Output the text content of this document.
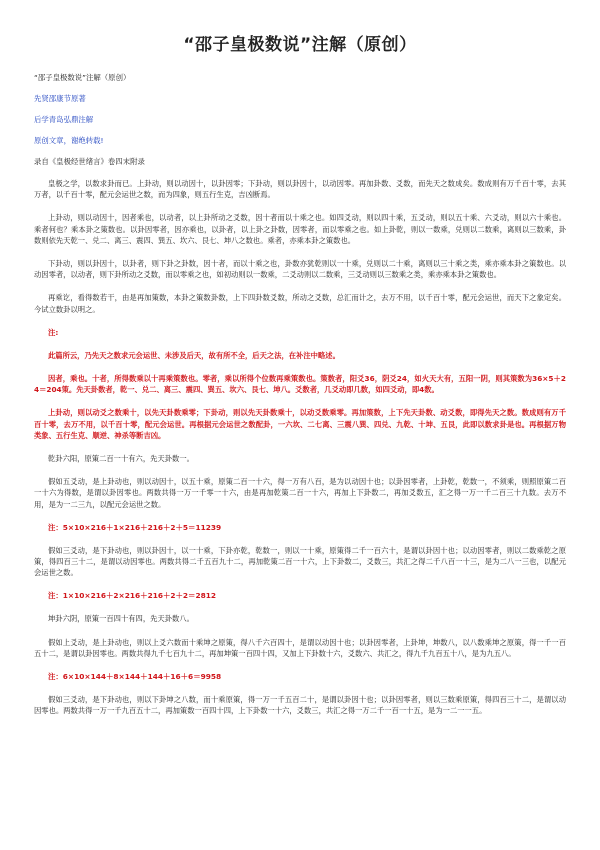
“邵子皇极数说”注解（原创）

“邵子皇极数说”注解（原创）

先贤邵康节原著

后学青岛弘鼎注解

原创文章，谢绝转载!

录自《皇极经世绪言》卷四末附录

皇极之学，以数求卦而已。上卦动，则以动因十，以卦因零；下卦动，则以卦因十，以动因零。再加卦数、爻数，而先天之数成矣。数成则有万千百十零，去其万者，以千百十零，配元会运世之数，而为四象，则五行生克，吉凶断焉。

上卦动，则以动因十，因者乘也，以动者，以上卦所动之爻数，因十者而以十乘之也。如四爻动，则以四十乘，五爻动，则以五十乘、六爻动，则以六十乘也。乘者何也？乘本卦之策数也。以卦因零者，因亦乘也，以卦者，以上卦之卦数，因零者，而以零乘之也。如上卦乾，则以一数乘，兑则以二数乘，离则以三数乘，卦数则依先天乾一、兑二、离三、震四、巽五、坎六、艮七、坤八之数也。乘者，亦乘本卦之策数也。

下卦动，则以卦因十，以卦者，则下卦之卦数，因十者，而以十乘之也，卦数亦犹乾则以一十乘，兑则以二十乘，离则以三十乘之类，乘亦乘本卦之策数也。以动因零者，以动者，则下卦所动之爻数，而以零乘之也，如初动则以一数乘，二爻动则以二数乘，三爻动则以三数乘之类，乘亦乘本卦之策数也。

再乘讫，看得数若干，由是再加策数，本卦之策数卦数，上下四卦数爻数，所动之爻数，总汇而计之，去万不用，以千百十零，配元会运世，而天下之象定矣。今试立数卦以明之。

注:

此篇所云，乃先天之数求元会运世、未涉及后天，故有所不全，后天之法，在补注中略述。

因者，乘也。十者，所得数乘以十再乘策数也。零者，乘以所得个位数再乘策数也。策数者，阳爻36，阴爻24，如火天大有，五阳一阴，则其策数为36×5＋24＝204策。先天卦数者，乾一、兑二、离三、震四、巽五、坎六、艮七、坤八。爻数者，几爻动即几数，如四爻动，即4数。

上卦动，则以动爻之数乘十，以先天卦数乘零；下卦动，则以先天卦数乘十，以动爻数乘零。再加策数，上下先天卦数、动爻数，即得先天之数。数成则有万千百十零，去万不用，以千百十零，配元会运世。再根据元会运世之数配卦，一六坎、二七离、三震八巽、四兑、九乾、十坤、五艮，此即以数求卦是也。再根据万物类象、五行生克、顺逆、神杀等断吉凶。

乾卦六阳，原策二百一十有六，先天卦数一。

假如五爻动，是上卦动也，则以动因十，以五十乘，原策二百一十六，得一万有八百，是为以动因十也；以卦因零者，上卦乾，乾数一，不须乘，则照原策二百一十六为得数，是谓以卦因零也。两数共得一万一千零一十六，由是再加乾策二百一十六，再加上下卦数二，再加爻数五，汇之得一万一千二百三十九数。去万不用，是为一二三九，以配元会运世之数。

注：5×10×216＋1×216＋216＋2＋5＝11239

假如三爻动，是下卦动也，则以卦因十，以一十乘，下卦亦乾，乾数一，则以一十乘，原策得二千一百六十，是谓以卦因十也；以动因零者，则以二数乘乾之原策，得四百三十二，是谓以动因零也。两数共得二千五百九十二，再加乾策二百一十六，上下卦数二，爻数三，共汇之得二千八百一十三，是为二八一三也，以配元会运世之数。

注：1×10×216＋2×216＋216＋2＋2＝2812

坤卦六阴，原策一百四十有四，先天卦数八。

假如上爻动，是上卦动也，则以上爻六数而十乘坤之原策，得八千六百四十，是谓以动因十也；以卦因零者，上卦坤，坤数八，以八数乘坤之原策，得一千一百五十二，是谓以卦因零也。两数共得九千七百九十二，再加坤策一百四十四，又加上下卦数十六，爻数六、共汇之，得九千九百五十八，是为九五八。

注：6×10×144＋8×144＋144＋16＋6＝9958

假如三爻动，是下卦动也，则以下卦坤之八数，而十乘原策，得一万一千五百二十，是谓以卦因十也；以卦因零者，则以三数乘原策，得四百三十二，是谓以动因零也。两数共得一万一千九百五十二，再加策数一百四十四，上下卦数一十六，爻数三，共汇之得一万二千一百一十五，是为一二一一五。
